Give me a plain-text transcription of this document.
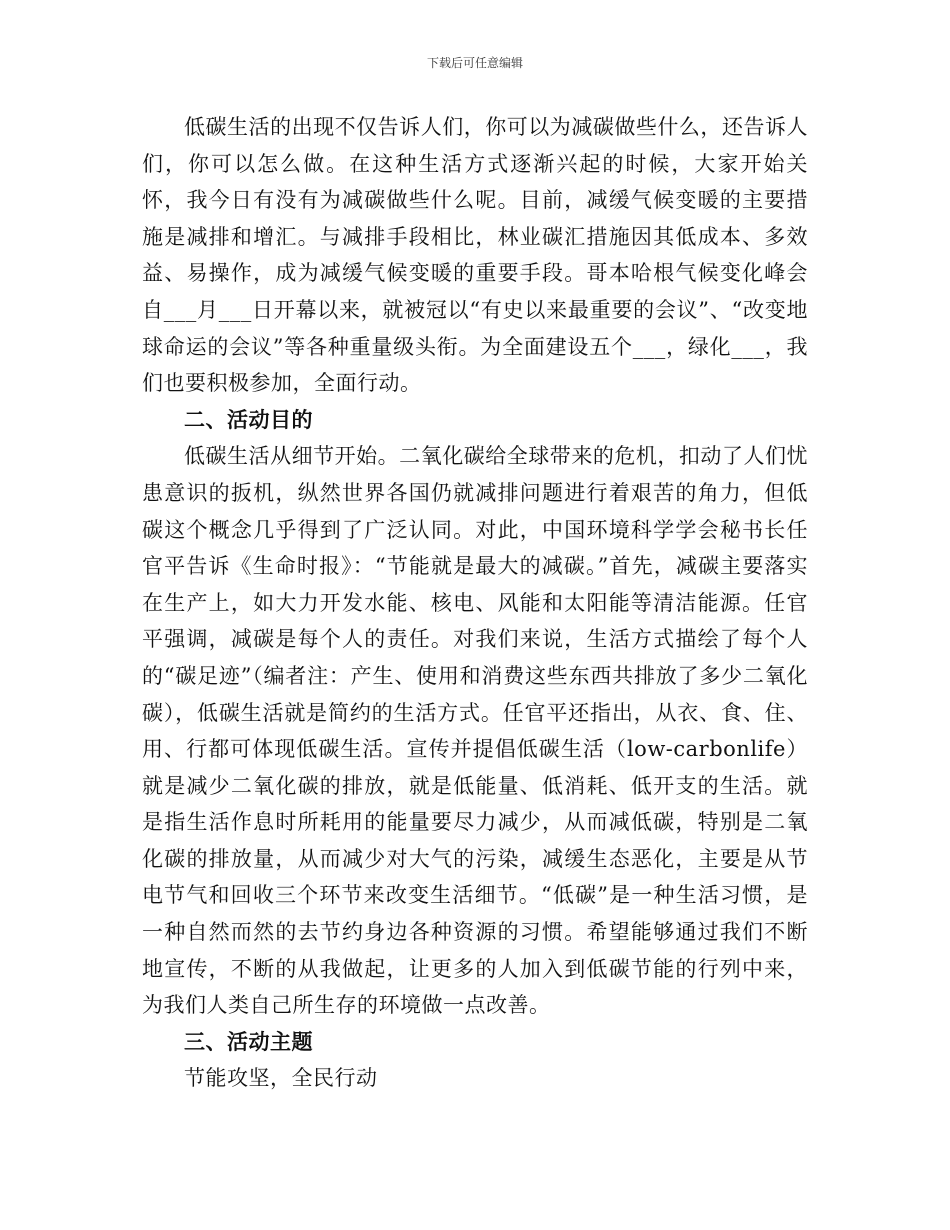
下载后可任意编辑

低碳生活的出现不仅告诉人们，你可以为减碳做些什么，还告诉人们，你可以怎么做。在这种生活方式逐渐兴起的时候，大家开始关怀，我今日有没有为减碳做些什么呢。目前，减缓气候变暖的主要措施是减排和增汇。与减排手段相比，林业碳汇措施因其低成本、多效益、易操作，成为减缓气候变暖的重要手段。哥本哈根气候变化峰会自___月___日开幕以来，就被冠以“有史以来最重要的会议”、“改变地球命运的会议”等各种重量级头衔。为全面建设五个___，绿化___，我们也要积极参加，全面行动。

二、活动目的

低碳生活从细节开始。二氧化碳给全球带来的危机，扣动了人们忧患意识的扳机，纵然世界各国仍就减排问题进行着艰苦的角力，但低碳这个概念几乎得到了广泛认同。对此，中国环境科学学会秘书长任官平告诉《生命时报》：“节能就是最大的减碳。”首先，减碳主要落实在生产上，如大力开发水能、核电、风能和太阳能等清洁能源。任官平强调，减碳是每个人的责任。对我们来说，生活方式描绘了每个人的“碳足迹”（编者注：产生、使用和消费这些东西共排放了多少二氧化碳），低碳生活就是简约的生活方式。任官平还指出，从衣、食、住、用、行都可体现低碳生活。宣传并提倡低碳生活（low-carbonlife）就是减少二氧化碳的排放，就是低能量、低消耗、低开支的生活。就是指生活作息时所耗用的能量要尽力减少，从而减低碳，特别是二氧化碳的排放量，从而减少对大气的污染，减缓生态恶化，主要是从节电节气和回收三个环节来改变生活细节。“低碳”是一种生活习惯，是一种自然而然的去节约身边各种资源的习惯。希望能够通过我们不断地宣传，不断的从我做起，让更多的人加入到低碳节能的行列中来，为我们人类自己所生存的环境做一点改善。

三、活动主题

节能攻坚，全民行动
